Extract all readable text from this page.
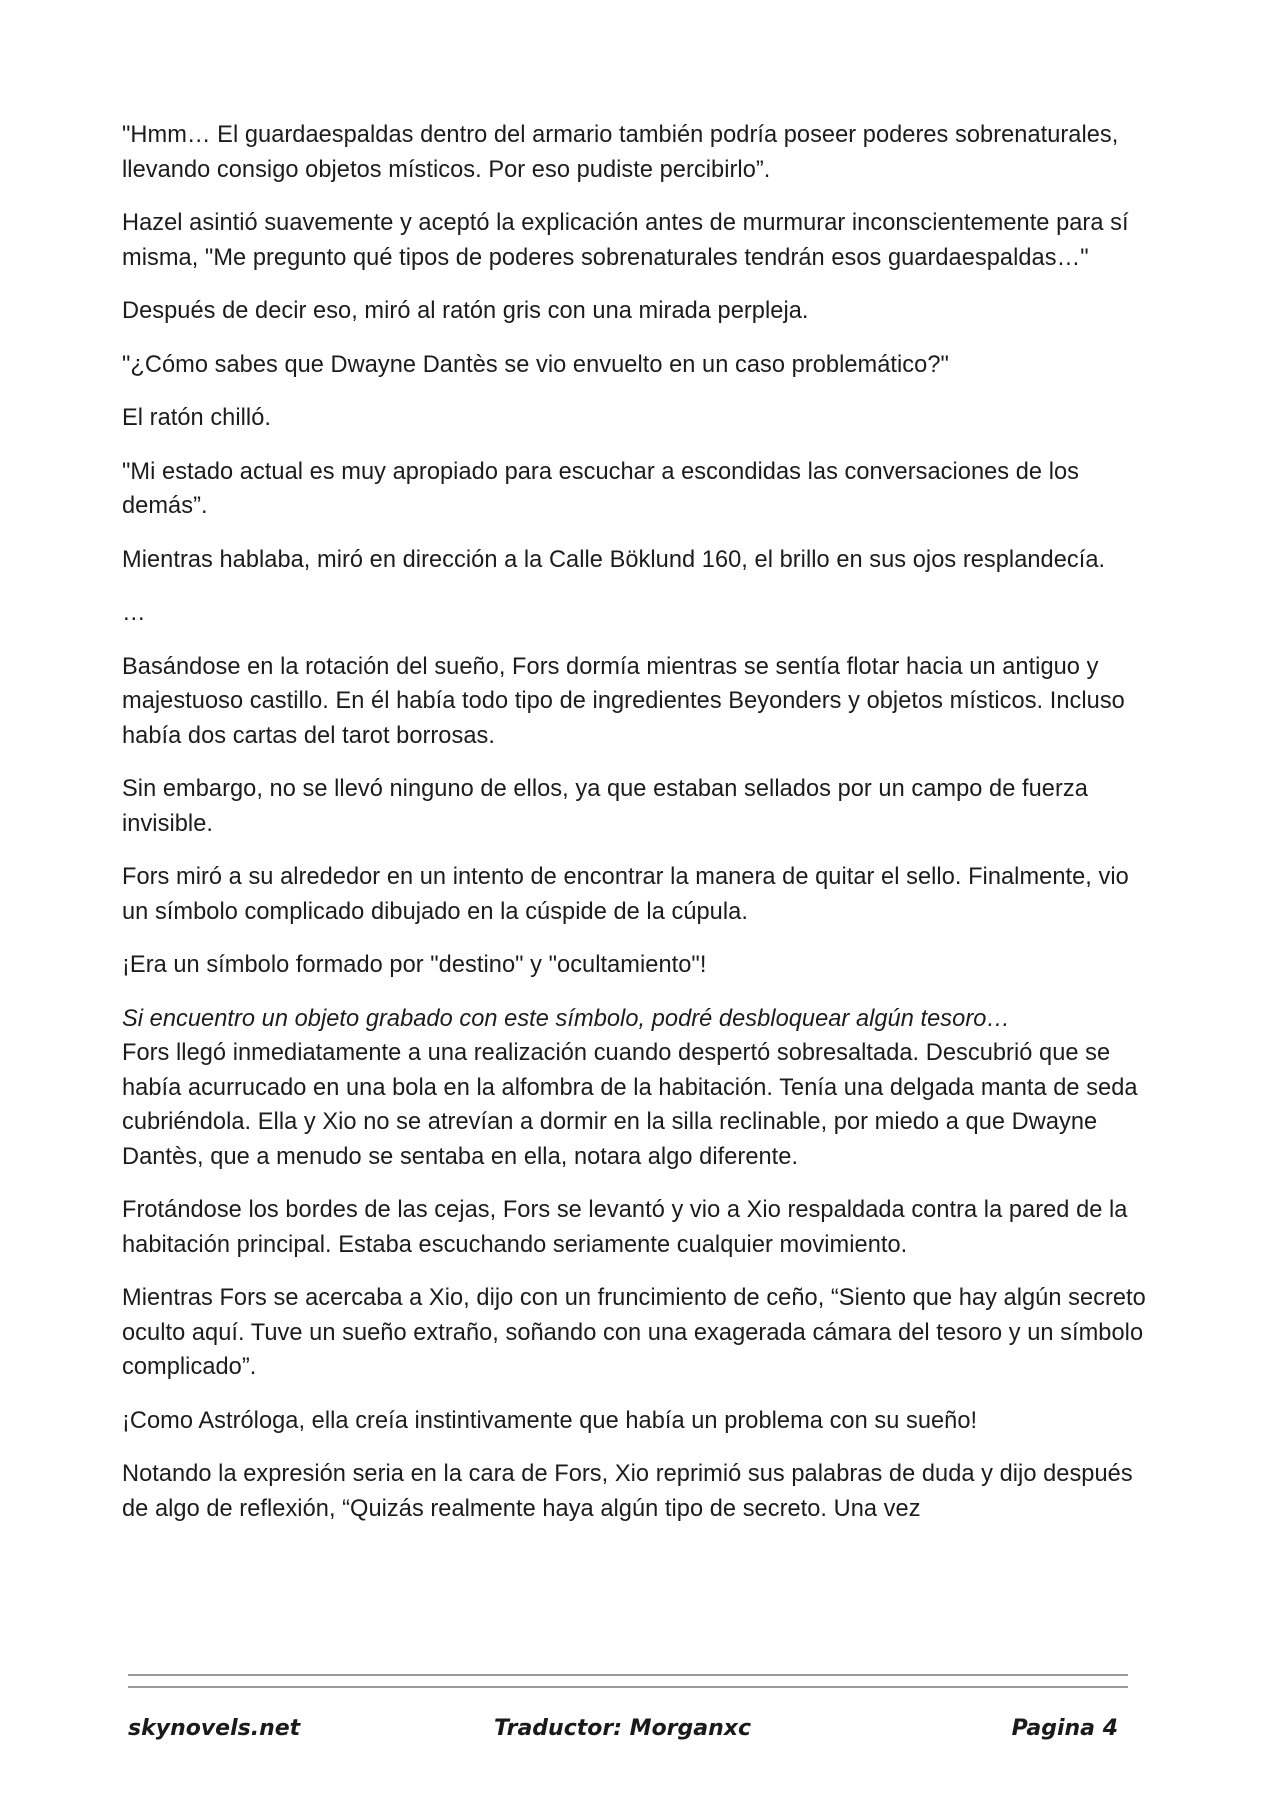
"Hmm… El guardaespaldas dentro del armario también podría poseer poderes sobrenaturales, llevando consigo objetos místicos. Por eso pudiste percibirlo”.

Hazel asintió suavemente y aceptó la explicación antes de murmurar inconscientemente para sí misma, "Me pregunto qué tipos de poderes sobrenaturales tendrán esos guardaespaldas…"

Después de decir eso, miró al ratón gris con una mirada perpleja.

"¿Cómo sabes que Dwayne Dantès se vio envuelto en un caso problemático?"

El ratón chilló.

"Mi estado actual es muy apropiado para escuchar a escondidas las conversaciones de los demás”.

Mientras hablaba, miró en dirección a la Calle Böklund 160, el brillo en sus ojos resplandecía.

…

Basándose en la rotación del sueño, Fors dormía mientras se sentía flotar hacia un antiguo y majestuoso castillo. En él había todo tipo de ingredientes Beyonders y objetos místicos. Incluso había dos cartas del tarot borrosas.

Sin embargo, no se llevó ninguno de ellos, ya que estaban sellados por un campo de fuerza invisible.

Fors miró a su alrededor en un intento de encontrar la manera de quitar el sello. Finalmente, vio un símbolo complicado dibujado en la cúspide de la cúpula.

¡Era un símbolo formado por "destino" y "ocultamiento"!

Si encuentro un objeto grabado con este símbolo, podré desbloquear algún tesoro…

Fors llegó inmediatamente a una realización cuando despertó sobresaltada. Descubrió que se había acurrucado en una bola en la alfombra de la habitación. Tenía una delgada manta de seda cubriéndola. Ella y Xio no se atrevían a dormir en la silla reclinable, por miedo a que Dwayne Dantès, que a menudo se sentaba en ella, notara algo diferente.

Frotándose los bordes de las cejas, Fors se levantó y vio a Xio respaldada contra la pared de la habitación principal. Estaba escuchando seriamente cualquier movimiento.

Mientras Fors se acercaba a Xio, dijo con un fruncimiento de ceño, “Siento que hay algún secreto oculto aquí. Tuve un sueño extraño, soñando con una exagerada cámara del tesoro y un símbolo complicado”.

¡Como Astróloga, ella creía instintivamente que había un problema con su sueño!

Notando la expresión seria en la cara de Fors, Xio reprimió sus palabras de duda y dijo después de algo de reflexión, “Quizás realmente haya algún tipo de secreto. Una vez

skynovels.net	Traductor: Morganxc	Pagina 4
